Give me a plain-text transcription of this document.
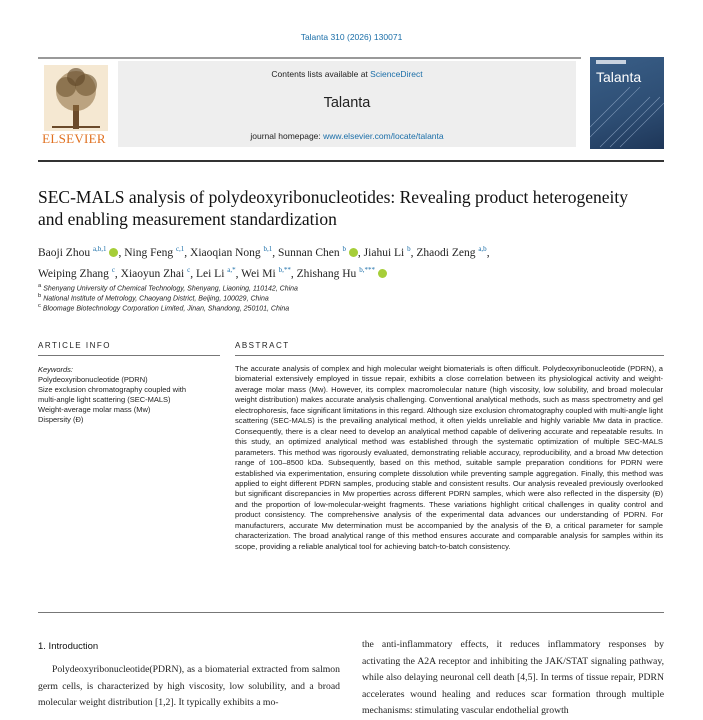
Talanta 310 (2026) 130071
ELSEVIER
Contents lists available at ScienceDirect
Talanta
journal homepage: www.elsevier.com/locate/talanta
Talanta
SEC-MALS analysis of polydeoxyribonucleotides: Revealing product heterogeneity and enabling measurement standardization
Baoji Zhou $^{a,b,1}$ , Ning Feng $^{c,1}$, Xiaoqian Nong $^{b,1}$, Sunnan Chen $^b$ , Jiahui Li $^b$, Zhaodi Zeng $^{a,b}$,
Weiping Zhang $^c$, Xiaoyun Zhai $^c$, Lei Li $^{a,*}$, Wei Mi $^{b,**}$, Zhishang Hu $^{b,***}$
$^a$ Shenyang University of Chemical Technology, Shenyang, Liaoning, 110142, China
$^b$ National Institute of Metrology, Chaoyang District, Beijing, 100029, China
$^c$ Bloomage Biotechnology Corporation Limited, Jinan, Shandong, 250101, China
ARTICLE INFO	ABSTRACT
Keywords:
Polydeoxyribonucleotide (PDRN)
Size exclusion chromatography coupled with multi-angle light scattering (SEC-MALS)
Weight-average molar mass (Mw)
Dispersity (Đ)
The accurate analysis of complex and high molecular weight biomaterials is often difficult. Polydeoxyribonucleotide (PDRN), a biomaterial extensively employed in tissue repair, exhibits a close correlation between its physiological activity and weight-average molar mass (Mw). However, its complex macromolecular nature (high viscosity, low solubility, and broad molecular weight distribution) makes accurate analysis challenging. Conventional analytical methods, such as mass spectrometry and gel electrophoresis, face significant limitations in this regard. Although size exclusion chromatography coupled with multi-angle light scattering (SEC-MALS) is the prevailing analytical method, it often yields unreliable and highly variable Mw data in practice. Consequently, there is a clear need to develop an analytical method capable of delivering accurate and repeatable results. In this study, an optimized analytical method was established through the systematic optimization of multiple SEC-MALS parameters. This method was rigorously evaluated, demonstrating reliable accuracy, reproducibility, and a broad Mw detection range of 100–8500 kDa. Subsequently, based on this method, suitable sample preparation conditions for PDRN were established via experimentation, ensuring complete dissolution while preventing sample aggregation. Finally, this method was applied to eight different PDRN samples, producing stable and consistent results. Our analysis revealed previously overlooked but significant discrepancies in Mw properties across different PDRN samples, which were also reflected in the dispersity (Đ) and the proportion of low-molecular-weight fragments. These variations highlight critical challenges in quality control and product consistency. The comprehensive analysis of the experimental data advances our understanding of PDRN. For manufacturers, accurate Mw determination must be accompanied by the analysis of the Đ, a critical parameter for sample characterization. The broad analytical range of this method ensures accurate and comparable analysis for samples within its scope, providing a reliable analytical tool for achieving batch-to-batch consistency.
1. Introduction
Polydeoxyribonucleotide(PDRN), as a biomaterial extracted from salmon germ cells, is characterized by high viscosity, low solubility, and a broad molecular weight distribution [1,2]. It typically exhibits a mo-
the anti-inflammatory effects, it reduces inflammatory responses by activating the A2A receptor and inhibiting the JAK/STAT signaling pathway, while also delaying neuronal cell death [4,5]. In terms of tissue repair, PDRN accelerates wound healing and reduces scar formation through multiple mechanisms: stimulating vascular endothelial growth
